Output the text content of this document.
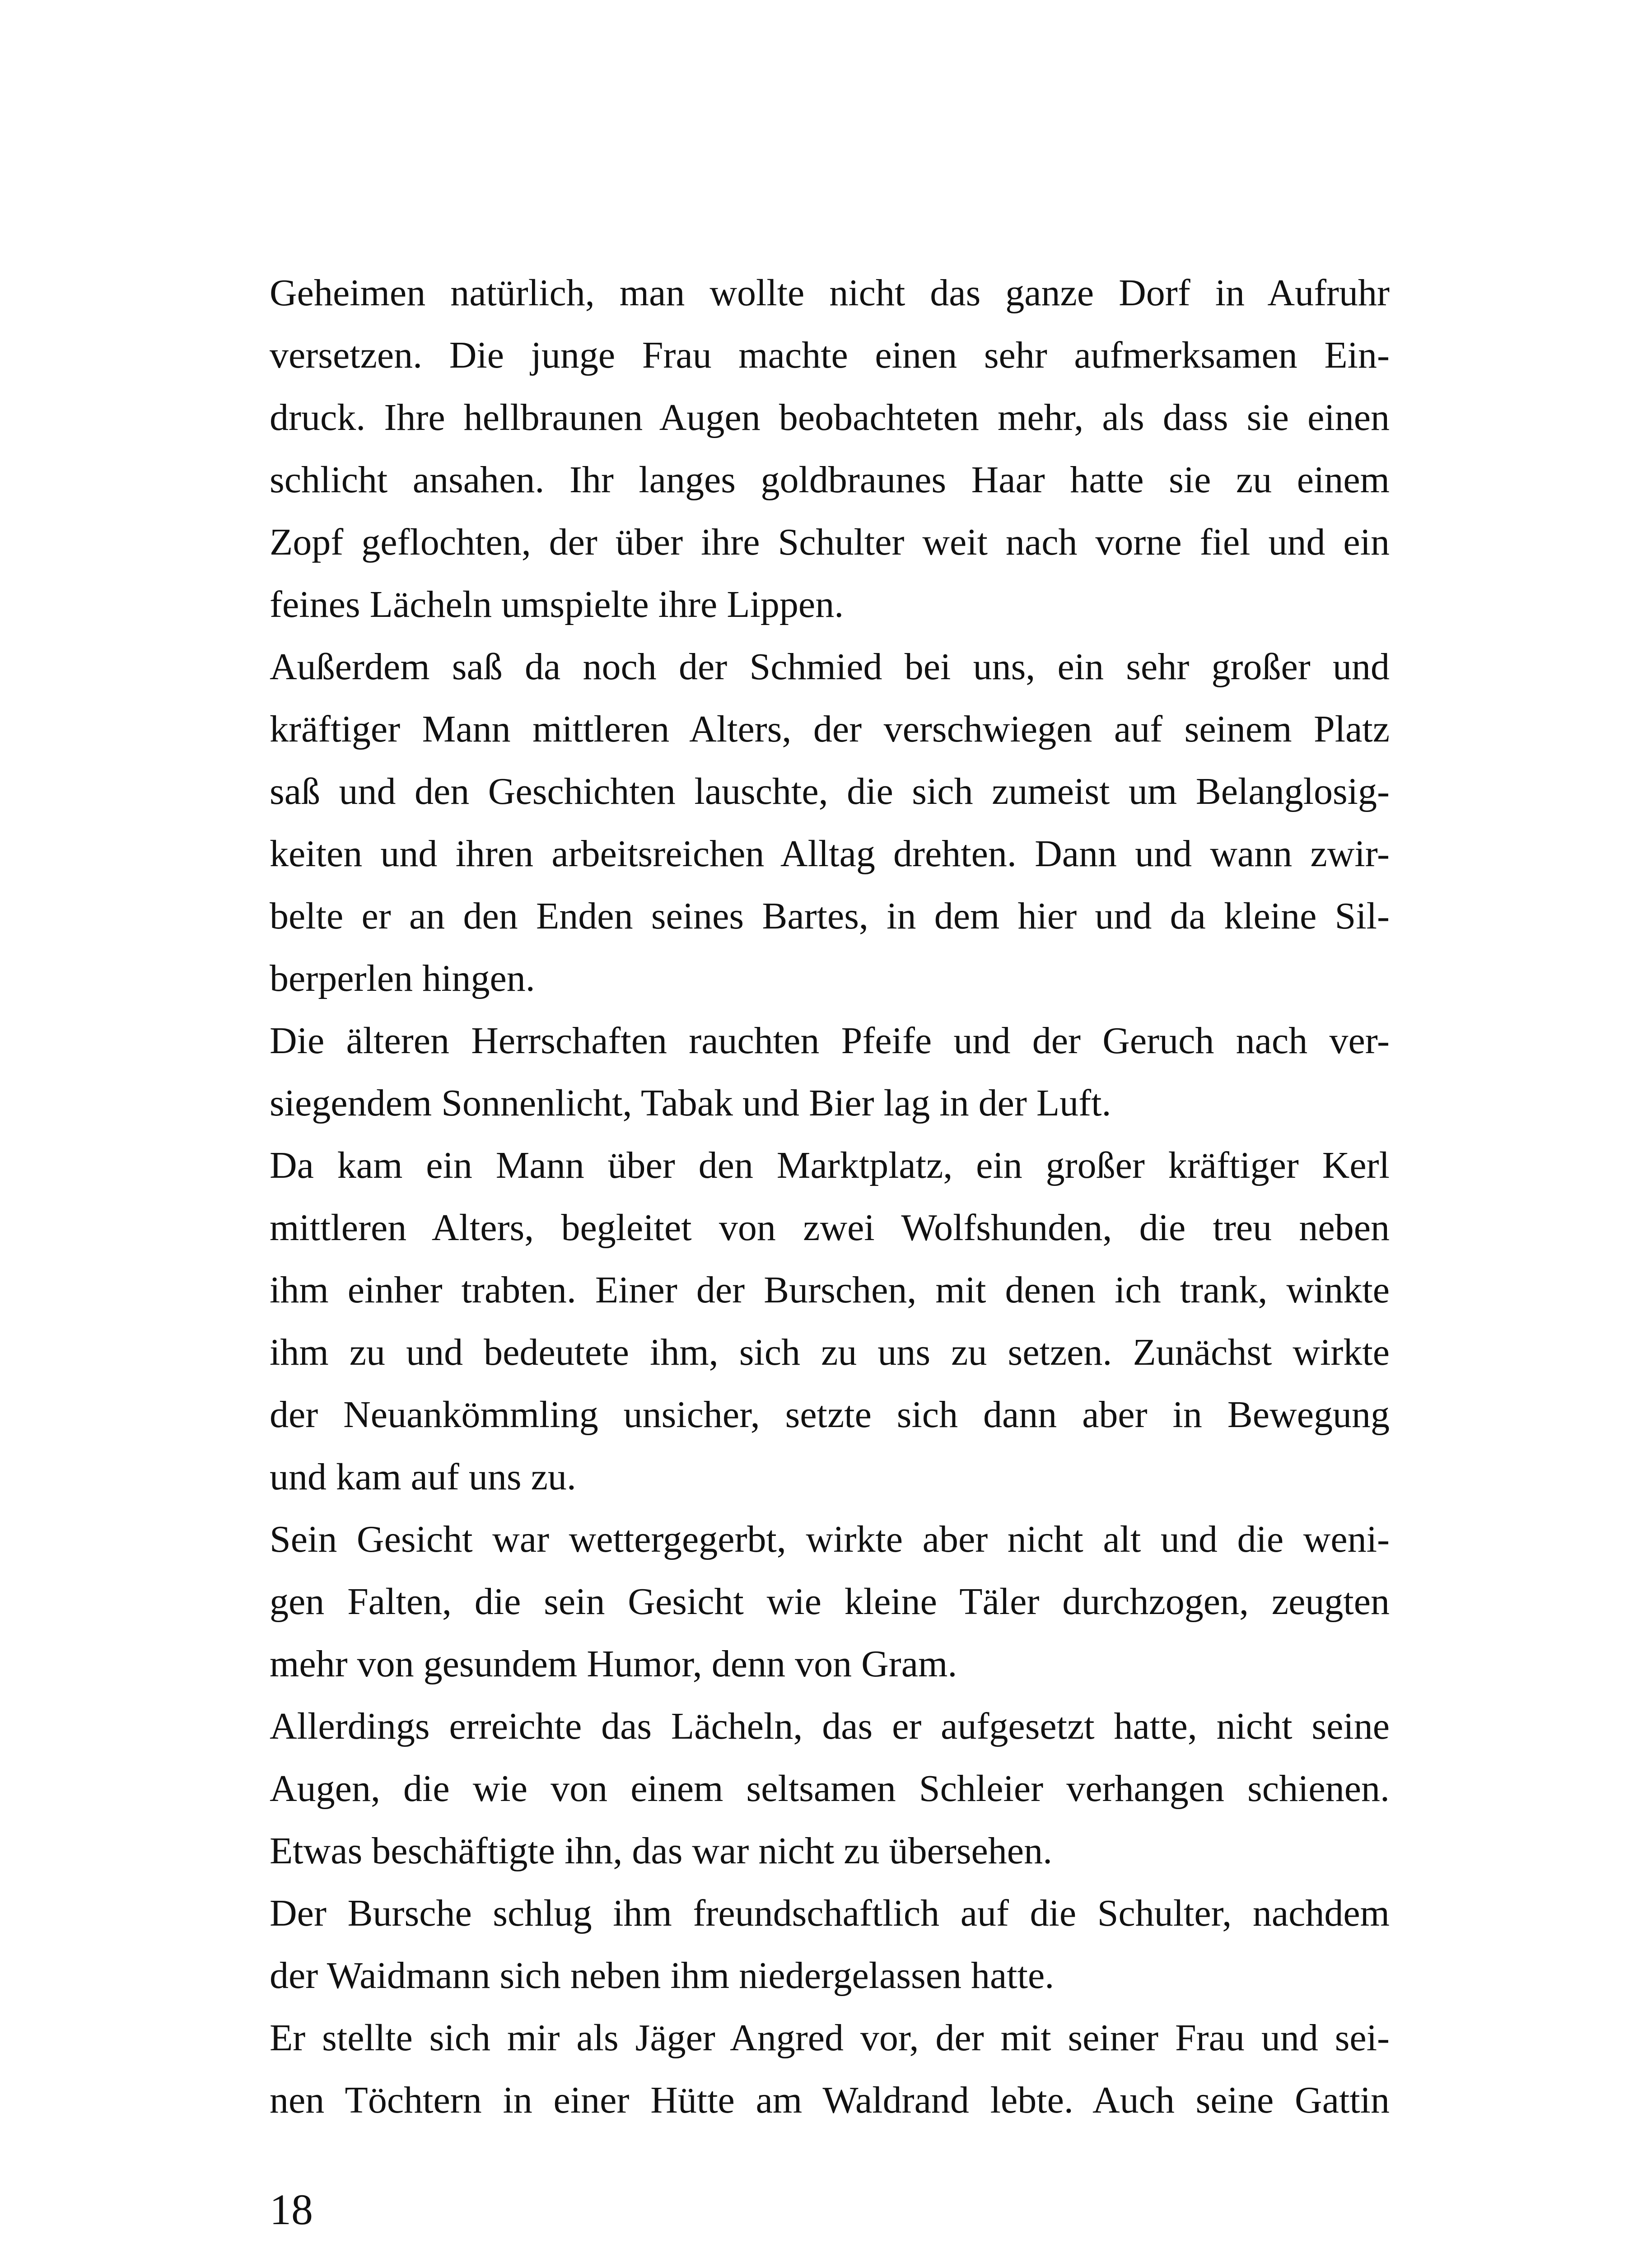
Geheimen natürlich, man wollte nicht das ganze Dorf in Aufruhr
versetzen. Die junge Frau machte einen sehr aufmerksamen Ein-
druck. Ihre hellbraunen Augen beobachteten mehr, als dass sie einen
schlicht ansahen. Ihr langes goldbraunes Haar hatte sie zu einem
Zopf geflochten, der über ihre Schulter weit nach vorne fiel und ein
feines Lächeln umspielte ihre Lippen.
Außerdem saß da noch der Schmied bei uns, ein sehr großer und
kräftiger Mann mittleren Alters, der verschwiegen auf seinem Platz
saß und den Geschichten lauschte, die sich zumeist um Belanglosig-
keiten und ihren arbeitsreichen Alltag drehten. Dann und wann zwir-
belte er an den Enden seines Bartes, in dem hier und da kleine Sil-
berperlen hingen.
Die älteren Herrschaften rauchten Pfeife und der Geruch nach ver-
siegendem Sonnenlicht, Tabak und Bier lag in der Luft.
Da kam ein Mann über den Marktplatz, ein großer kräftiger Kerl
mittleren Alters, begleitet von zwei Wolfshunden, die treu neben
ihm einher trabten. Einer der Burschen, mit denen ich trank, winkte
ihm zu und bedeutete ihm, sich zu uns zu setzen. Zunächst wirkte
der Neuankömmling unsicher, setzte sich dann aber in Bewegung
und kam auf uns zu.
Sein Gesicht war wettergegerbt, wirkte aber nicht alt und die weni-
gen Falten, die sein Gesicht wie kleine Täler durchzogen, zeugten
mehr von gesundem Humor, denn von Gram.
Allerdings erreichte das Lächeln, das er aufgesetzt hatte, nicht seine
Augen, die wie von einem seltsamen Schleier verhangen schienen.
Etwas beschäftigte ihn, das war nicht zu übersehen.
Der Bursche schlug ihm freundschaftlich auf die Schulter, nachdem
der Waidmann sich neben ihm niedergelassen hatte.
Er stellte sich mir als Jäger Angred vor, der mit seiner Frau und sei-
nen Töchtern in einer Hütte am Waldrand lebte. Auch seine Gattin
18
